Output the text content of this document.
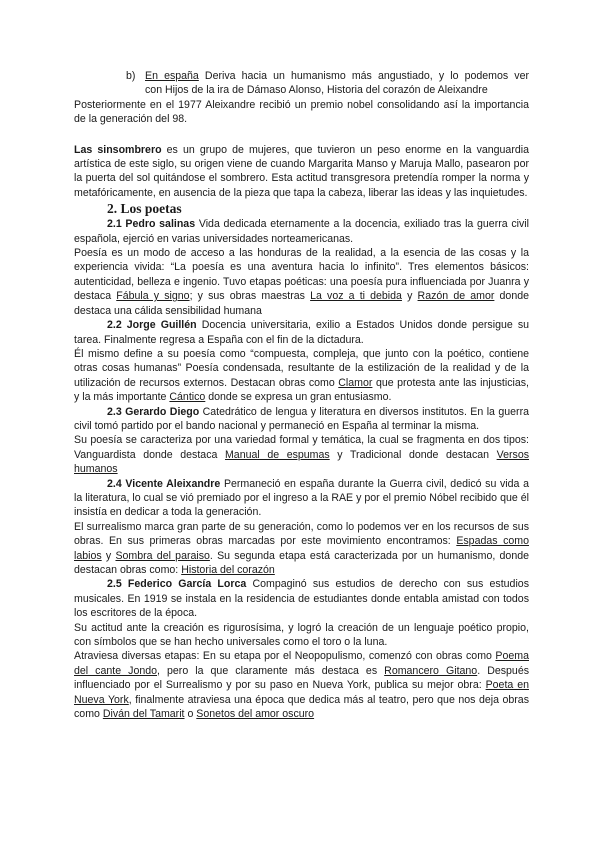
b) En españa Deriva hacia un humanismo más angustiado, y lo podemos ver

con Hijos de la ira de Dámaso Alonso, Historia del corazón de Aleixandre

Posteriormente en el 1977 Aleixandre recibió un premio nobel consolidando así la importancia de la generación del 98.

Las sinsombrero es un grupo de mujeres, que tuvieron un peso enorme en la vanguardia artística de este siglo, su origen viene de cuando Margarita Manso y Maruja Mallo, pasearon por la puerta del sol quitándose el sombrero. Esta actitud transgresora pretendía romper la norma y metafóricamente, en ausencia de la pieza que tapa la cabeza, liberar las ideas y las inquietudes.

2. Los poetas

2.1 Pedro salinas Vida dedicada eternamente a la docencia, exiliado tras la guerra civil española, ejerció en varias universidades norteamericanas.

Poesía es un modo de acceso a las honduras de la realidad, a la esencia de las cosas y la experiencia vivida: “La poesía es una aventura hacia lo infinito”. Tres elementos básicos: autenticidad, belleza e ingenio. Tuvo etapas poéticas: una poesía pura influenciada por Juanra y destaca Fábula y signo; y sus obras maestras La voz a ti debida y Razón de amor donde destaca una cálida sensibilidad humana

2.2 Jorge Guillén Docencia universitaria, exilio a Estados Unidos donde persigue su tarea. Finalmente regresa a España con el fin de la dictadura.

Él mismo define a su poesía como “compuesta, compleja, que junto con la poético, contiene otras cosas humanas” Poesía condensada, resultante de la estilización de la realidad y de la utilización de recursos externos. Destacan obras como Clamor que protesta ante las injusticias, y la más importante Cántico donde se expresa un gran entusiasmo.

2.3 Gerardo Diego Catedrático de lengua y literatura en diversos institutos. En la guerra civil tomó partido por el bando nacional y permaneció en España al terminar la misma.

Su poesía se caracteriza por una variedad formal y temática, la cual se fragmenta en dos tipos: Vanguardista donde destaca Manual de espumas y Tradicional donde destacan Versos humanos

2.4 Vicente Aleixandre Permaneció en españa durante la Guerra civil, dedicó su vida a la literatura, lo cual se vió premiado por el ingreso a la RAE y por el premio Nóbel recibido que él insistía en dedicar a toda la generación.

El surrealismo marca gran parte de su generación, como lo podemos ver en los recursos de sus obras. En sus primeras obras marcadas por este movimiento encontramos: Espadas como labios y Sombra del paraiso. Su segunda etapa está caracterizada por un humanismo, donde destacan obras como: Historia del corazón

2.5 Federico García Lorca Compaginó sus estudios de derecho con sus estudios musicales. En 1919 se instala en la residencia de estudiantes donde entabla amistad con todos los escritores de la época.

Su actitud ante la creación es rigurosísima, y logró la creación de un lenguaje poético propio, con símbolos que se han hecho universales como el toro o la luna.

Atraviesa diversas etapas: En su etapa por el Neopopulismo, comenzó con obras como Poema del cante Jondo, pero la que claramente más destaca es Romancero Gitano. Después influenciado por el Surrealismo y por su paso en Nueva York, publica su mejor obra: Poeta en Nueva York, finalmente atraviesa una época que dedica más al teatro, pero que nos deja obras como Diván del Tamarit o Sonetos del amor oscuro
